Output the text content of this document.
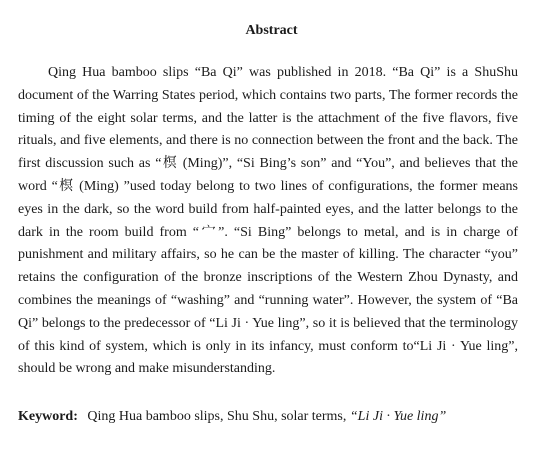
Abstract

Qing Hua bamboo slips “Ba Qi” was published in 2018. “Ba Qi” is a ShuShu document of the Warring States period, which contains two parts, The former records the timing of the eight solar terms, and the latter is the attachment of the five flavors, five rituals, and five elements, and there is no connection between the front and the back. The first discussion such as “榠 (Ming)”, “Si Bing’s son” and “You”, and believes that the word “榠 (Ming) ”used today belong to two lines of configurations, the former means eyes in the dark, so the word build from half-painted eyes, and the latter belongs to the dark in the room build from “宀”. “Si Bing” belongs to metal, and is in charge of punishment and military affairs, so he can be the master of killing. The character “you” retains the configuration of the bronze inscriptions of the Western Zhou Dynasty, and combines the meanings of “washing” and “running water”. However, the system of “Ba Qi” belongs to the predecessor of “Li Ji · Yue ling”, so it is believed that the terminology of this kind of system, which is only in its infancy, must conform to“Li Ji · Yue ling”, should be wrong and make misunderstanding.

Keyword: Qing Hua bamboo slips, Shu Shu, solar terms, “Li Ji · Yue ling”
